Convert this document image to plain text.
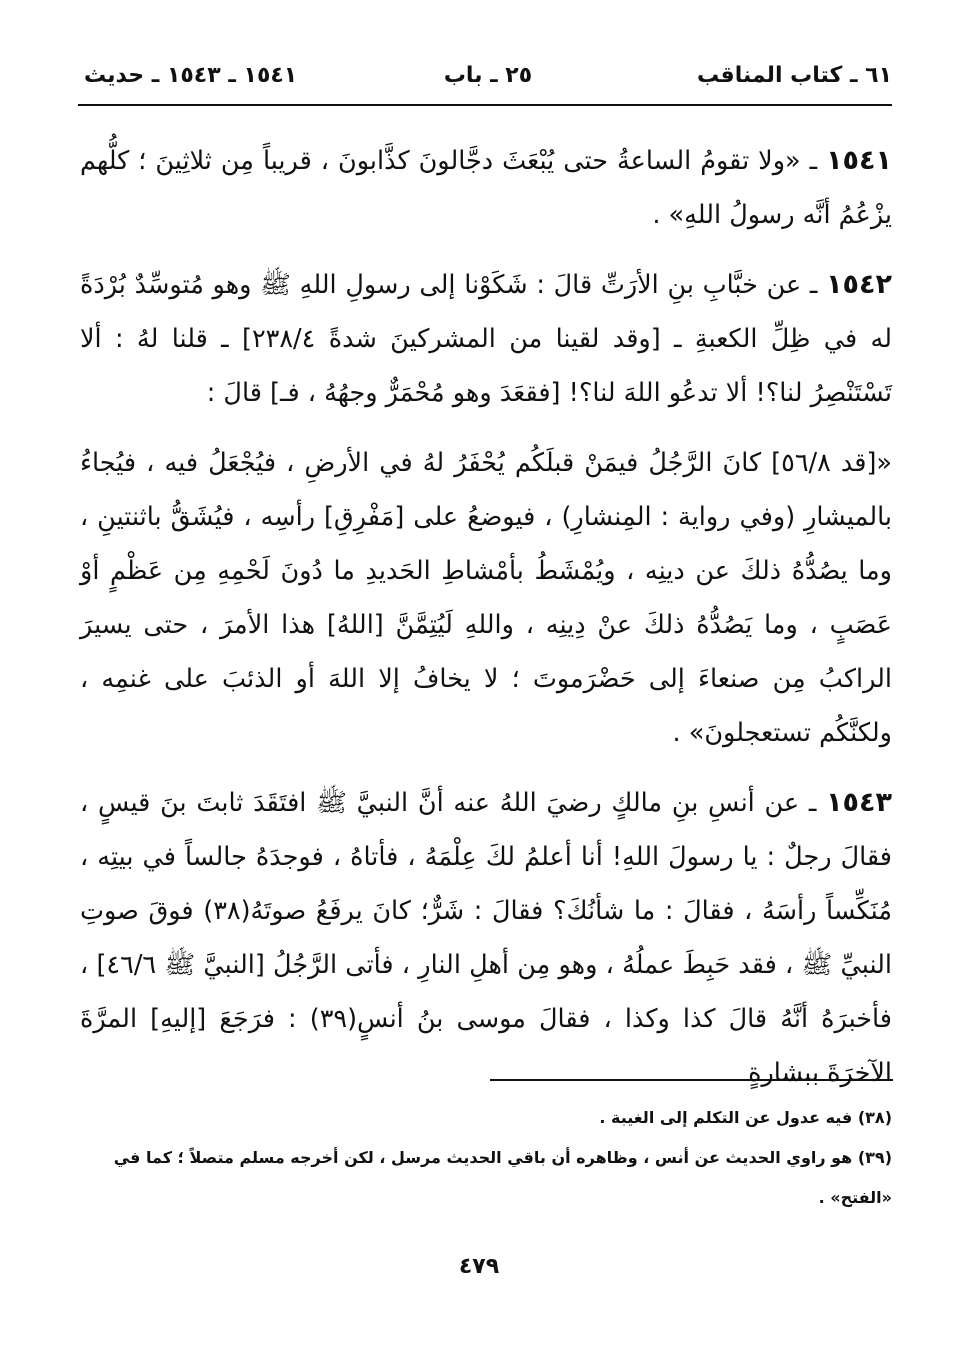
٦١ ـ كتاب المناقب
٢٥ ـ باب
١٥٤١ ـ ١٥٤٣ ـ حديث

١٥٤١ ـ «ولا تقومُ الساعةُ حتى يُبْعَثَ دجَّالونَ كذَّابونَ ، قريباً مِن ثلاثِينَ ؛ كلُّهم يزْعُمُ أنَّه رسولُ اللهِ» .

١٥٤٢ ـ عن خبَّابِ بنِ الأرَتِّ قالَ : شَكَوْنا إلى رسولِ اللهِ ﷺ وهو مُتوسِّدٌ بُرْدَةً له في ظِلِّ الكعبةِ ـ [وقد لقينا من المشركينَ شدةً ٢٣٨/٤] ـ قلنا لهُ : ألا تَسْتَنْصِرُ لنا؟! ألا تدعُو اللهَ لنا؟! [فقعَدَ وهو مُحْمَرٌّ وجهُهُ ، فـ] قالَ :

«[قد ٥٦/٨] كانَ الرَّجُلُ فيمَنْ قبلَكُم يُحْفَرُ لهُ في الأرضِ ، فيُجْعَلُ فيه ، فيُجاءُ بالميشارِ (وفي رواية : المِنشارِ) ، فيوضعُ على [مَفْرِقِ] رأسِه ، فيُشَقُّ باثنتينِ ، وما يصُدُّهُ ذلكَ عن دينِه ، ويُمْشَطُ بأمْشاطِ الحَديدِ ما دُونَ لَحْمِهِ مِن عَظْمٍ أوْ عَصَبٍ ، وما يَصُدُّهُ ذلكَ عنْ دِينِه ، واللهِ لَيُتِمَّنَّ [اللهُ] هذا الأمرَ ، حتى يسيرَ الراكبُ مِن صنعاءَ إلى حَضْرَموتَ ؛ لا يخافُ إلا اللهَ أو الذئبَ على غنمِه ، ولكنَّكُم تستعجلونَ» .

١٥٤٣ ـ عن أنسِ بنِ مالكٍ رضيَ اللهُ عنه أنَّ النبيَّ ﷺ افتَقَدَ ثابتَ بنَ قيسٍ ، فقالَ رجلٌ : يا رسولَ اللهِ! أنا أعلمُ لكَ عِلْمَهُ ، فأتاهُ ، فوجدَهُ جالساً في بيتِه ، مُنَكِّساً رأسَهُ ، فقالَ : ما شأنُكَ؟ فقالَ : شَرٌّ؛ كانَ يرفَعُ صوتَهُ(٣٨) فوقَ صوتِ النبيِّ ﷺ ، فقد حَبِطَ عملُهُ ، وهو مِن أهلِ النارِ ، فأتى الرَّجُلُ [النبيَّ ﷺ ٤٦/٦] ، فأخبرَهُ أنَّهُ قالَ كذا وكذا ، فقالَ موسى بنُ أنسٍ(٣٩) : فرَجَعَ [إليهِ] المرَّةَ الآخرَةَ ببشارةٍ

(٣٨) فيه عدول عن التكلم إلى الغيبة .

(٣٩) هو راوي الحديث عن أنس ، وظاهره أن باقي الحديث مرسل ، لكن أخرجه مسلم متصلاً ؛ كما في «الفتح» .

٤٧٩
